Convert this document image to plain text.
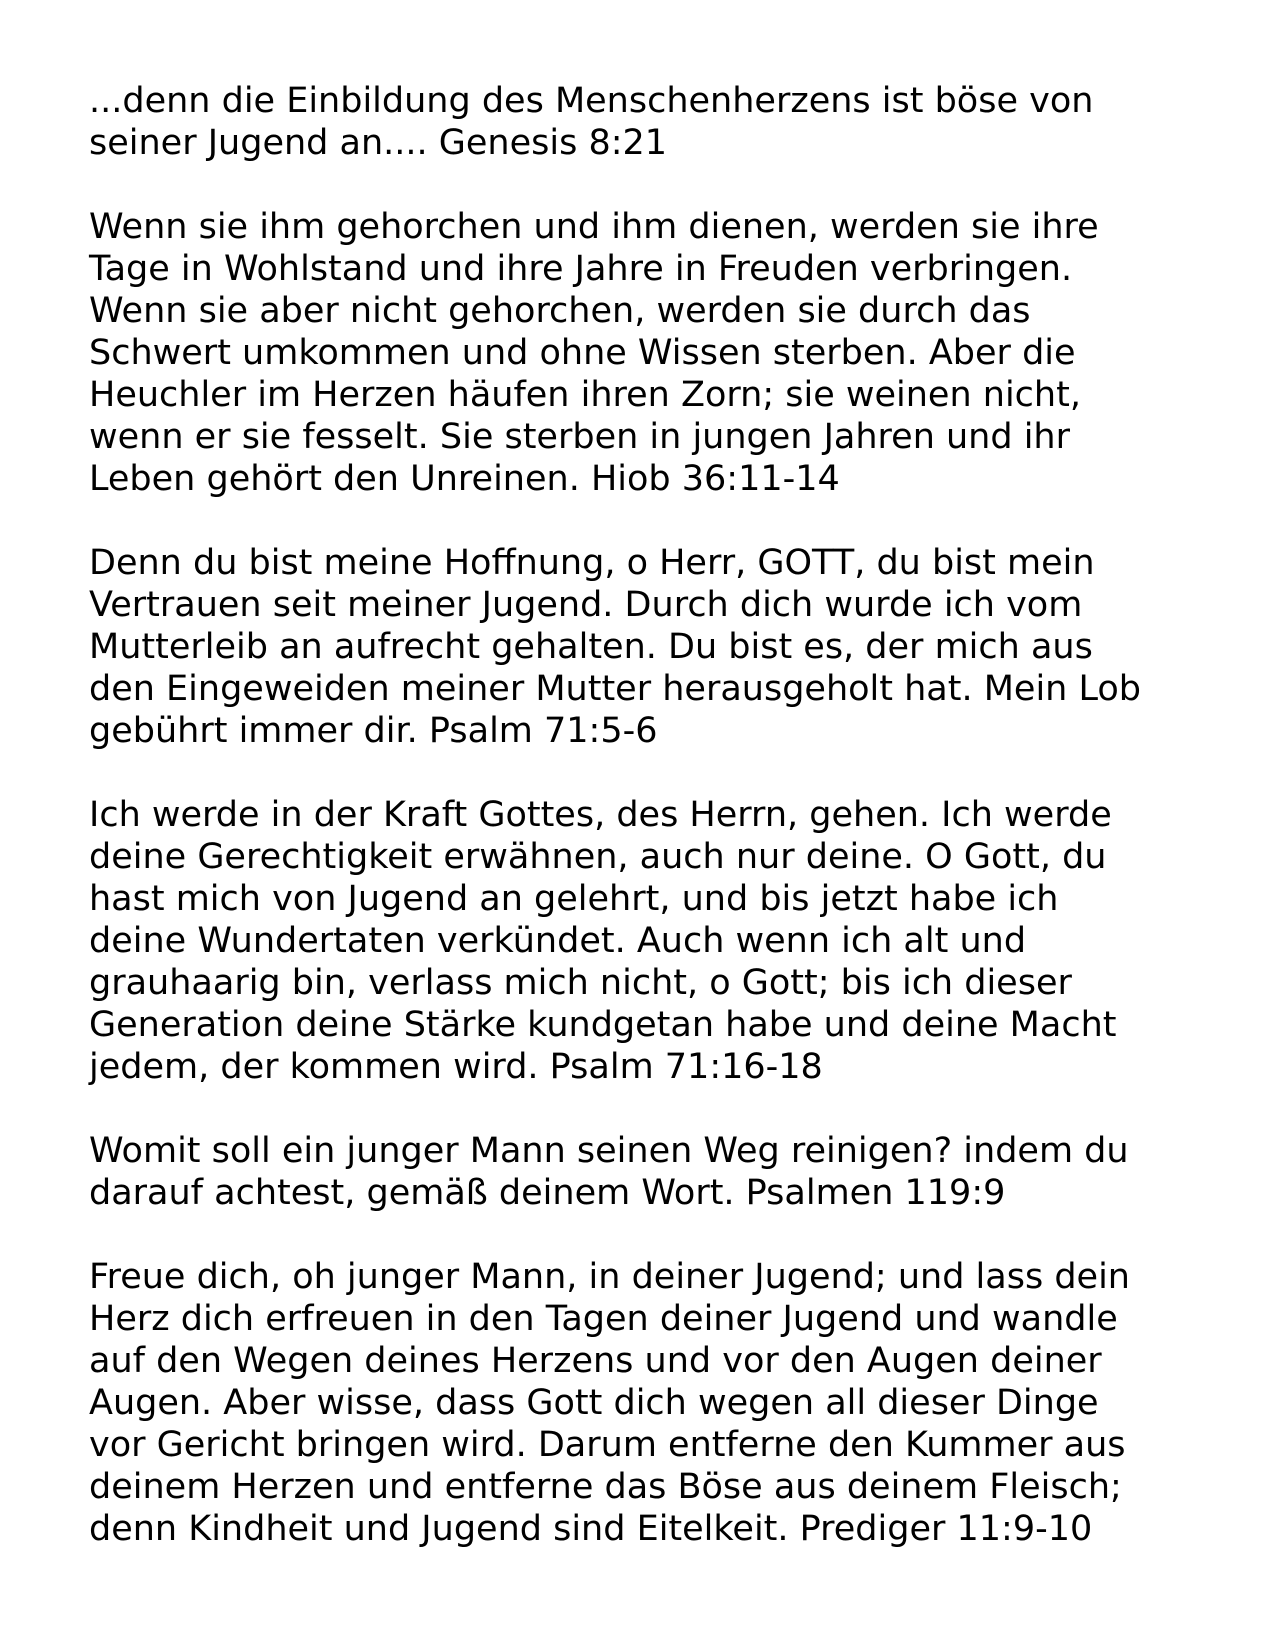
...denn die Einbildung des Menschenherzens ist böse von
seiner Jugend an.... Genesis 8:21

Wenn sie ihm gehorchen und ihm dienen, werden sie ihre
Tage in Wohlstand und ihre Jahre in Freuden verbringen.
Wenn sie aber nicht gehorchen, werden sie durch das
Schwert umkommen und ohne Wissen sterben. Aber die
Heuchler im Herzen häufen ihren Zorn; sie weinen nicht,
wenn er sie fesselt. Sie sterben in jungen Jahren und ihr
Leben gehört den Unreinen. Hiob 36:11-14

Denn du bist meine Hoffnung, o Herr, GOTT, du bist mein
Vertrauen seit meiner Jugend. Durch dich wurde ich vom
Mutterleib an aufrecht gehalten. Du bist es, der mich aus
den Eingeweiden meiner Mutter herausgeholt hat. Mein Lob
gebührt immer dir. Psalm 71:5-6

Ich werde in der Kraft Gottes, des Herrn, gehen. Ich werde
deine Gerechtigkeit erwähnen, auch nur deine. O Gott, du
hast mich von Jugend an gelehrt, und bis jetzt habe ich
deine Wundertaten verkündet. Auch wenn ich alt und
grauhaarig bin, verlass mich nicht, o Gott; bis ich dieser
Generation deine Stärke kundgetan habe und deine Macht
jedem, der kommen wird. Psalm 71:16-18

Womit soll ein junger Mann seinen Weg reinigen? indem du
darauf achtest, gemäß deinem Wort. Psalmen 119:9

Freue dich, oh junger Mann, in deiner Jugend; und lass dein
Herz dich erfreuen in den Tagen deiner Jugend und wandle
auf den Wegen deines Herzens und vor den Augen deiner
Augen. Aber wisse, dass Gott dich wegen all dieser Dinge
vor Gericht bringen wird. Darum entferne den Kummer aus
deinem Herzen und entferne das Böse aus deinem Fleisch;
denn Kindheit und Jugend sind Eitelkeit. Prediger 11:9-10
